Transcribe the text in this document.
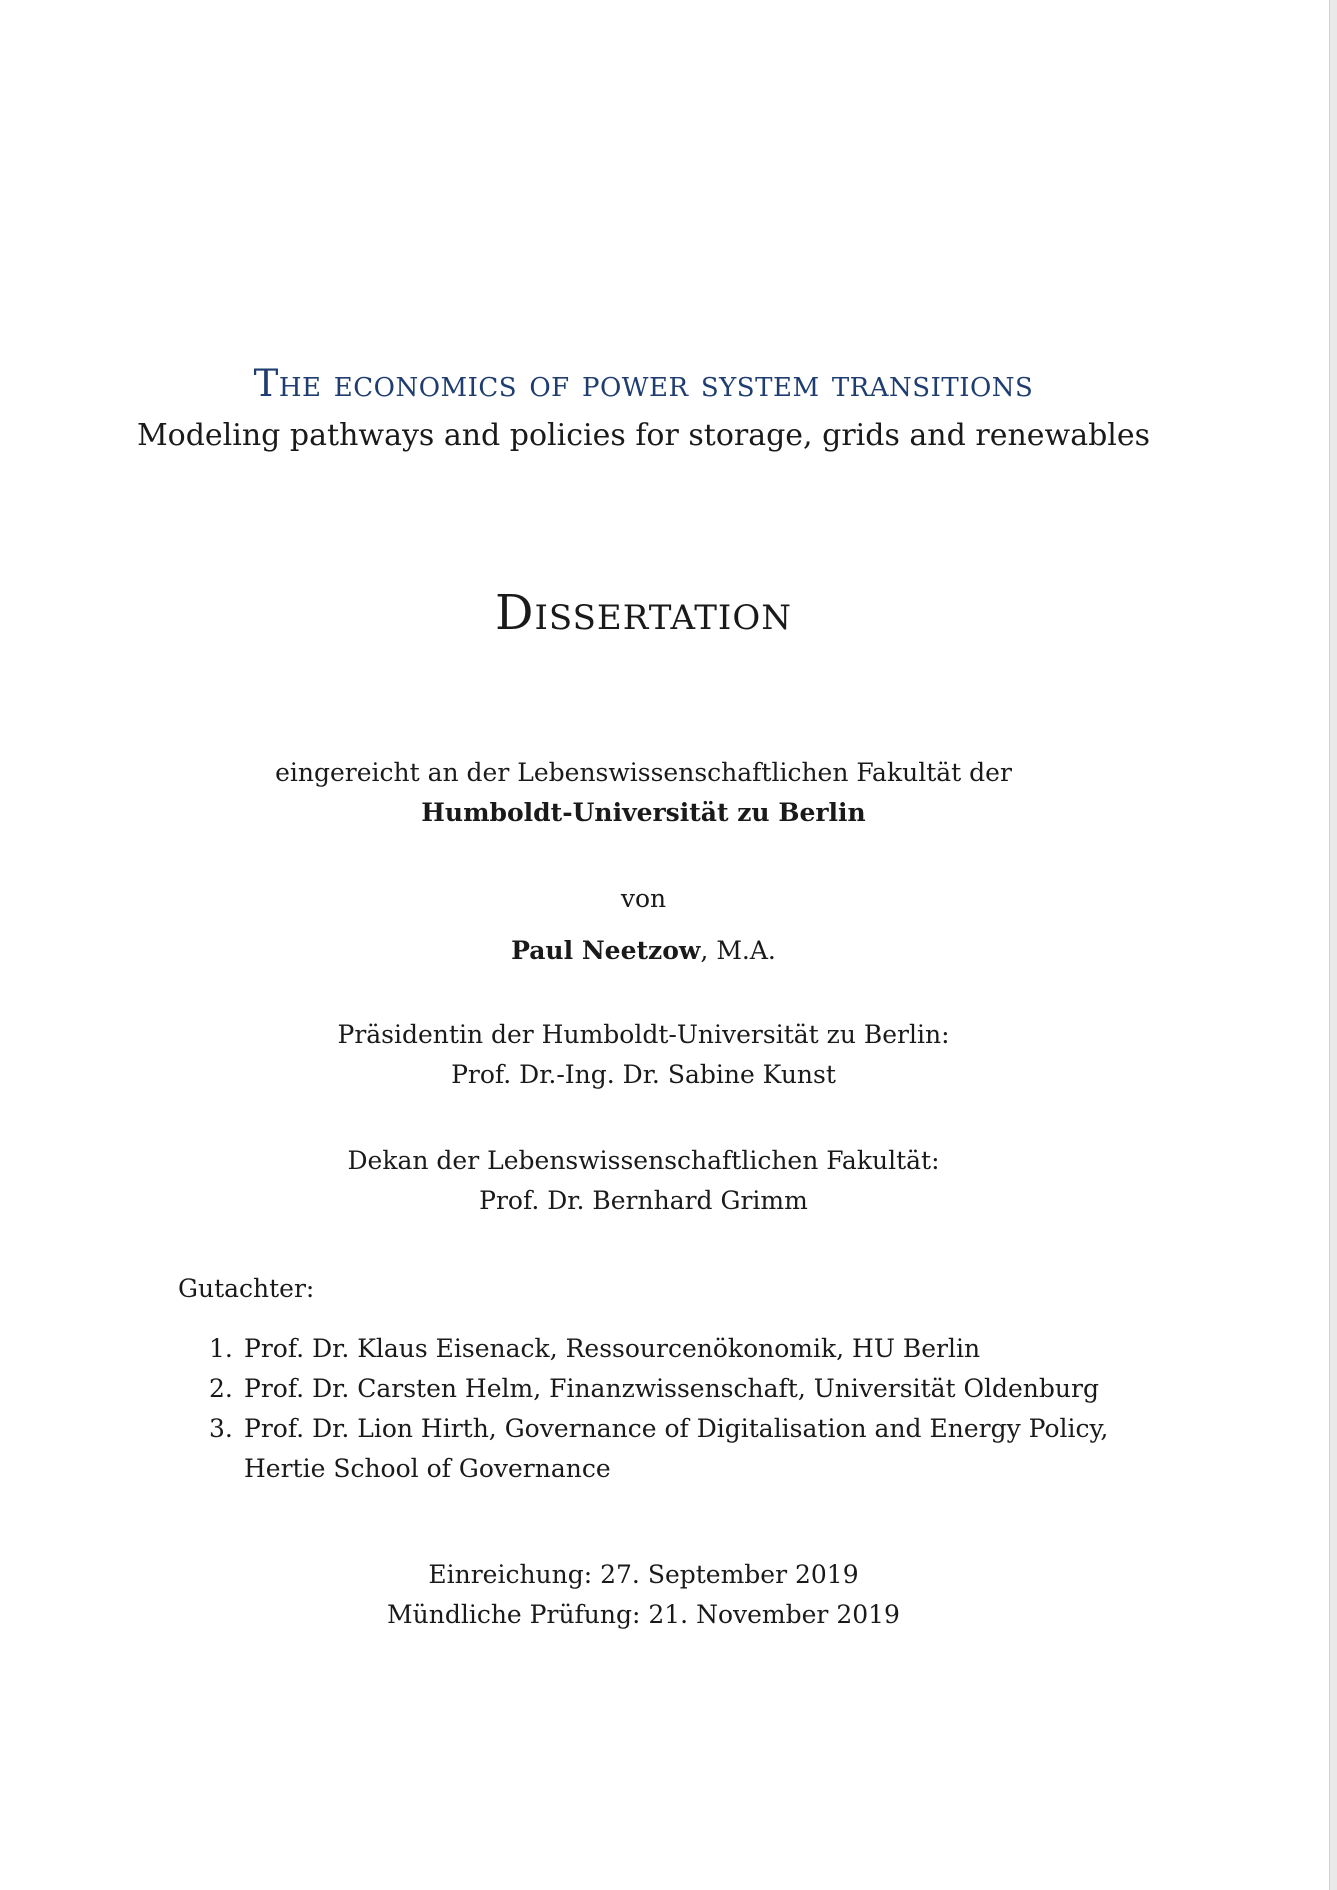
The economics of power system transitions
Modeling pathways and policies for storage, grids and renewables
Dissertation
eingereicht an der Lebenswissenschaftlichen Fakultät der
Humboldt-Universität zu Berlin
von
Paul Neetzow, M.A.
Präsidentin der Humboldt-Universität zu Berlin:
Prof. Dr.-Ing. Dr. Sabine Kunst
Dekan der Lebenswissenschaftlichen Fakultät:
Prof. Dr. Bernhard Grimm
Gutachter:
1. Prof. Dr. Klaus Eisenack, Ressourcenökonomik, HU Berlin
2. Prof. Dr. Carsten Helm, Finanzwissenschaft, Universität Oldenburg
3. Prof. Dr. Lion Hirth, Governance of Digitalisation and Energy Policy,
Hertie School of Governance
Einreichung: 27. September 2019
Mündliche Prüfung: 21. November 2019
